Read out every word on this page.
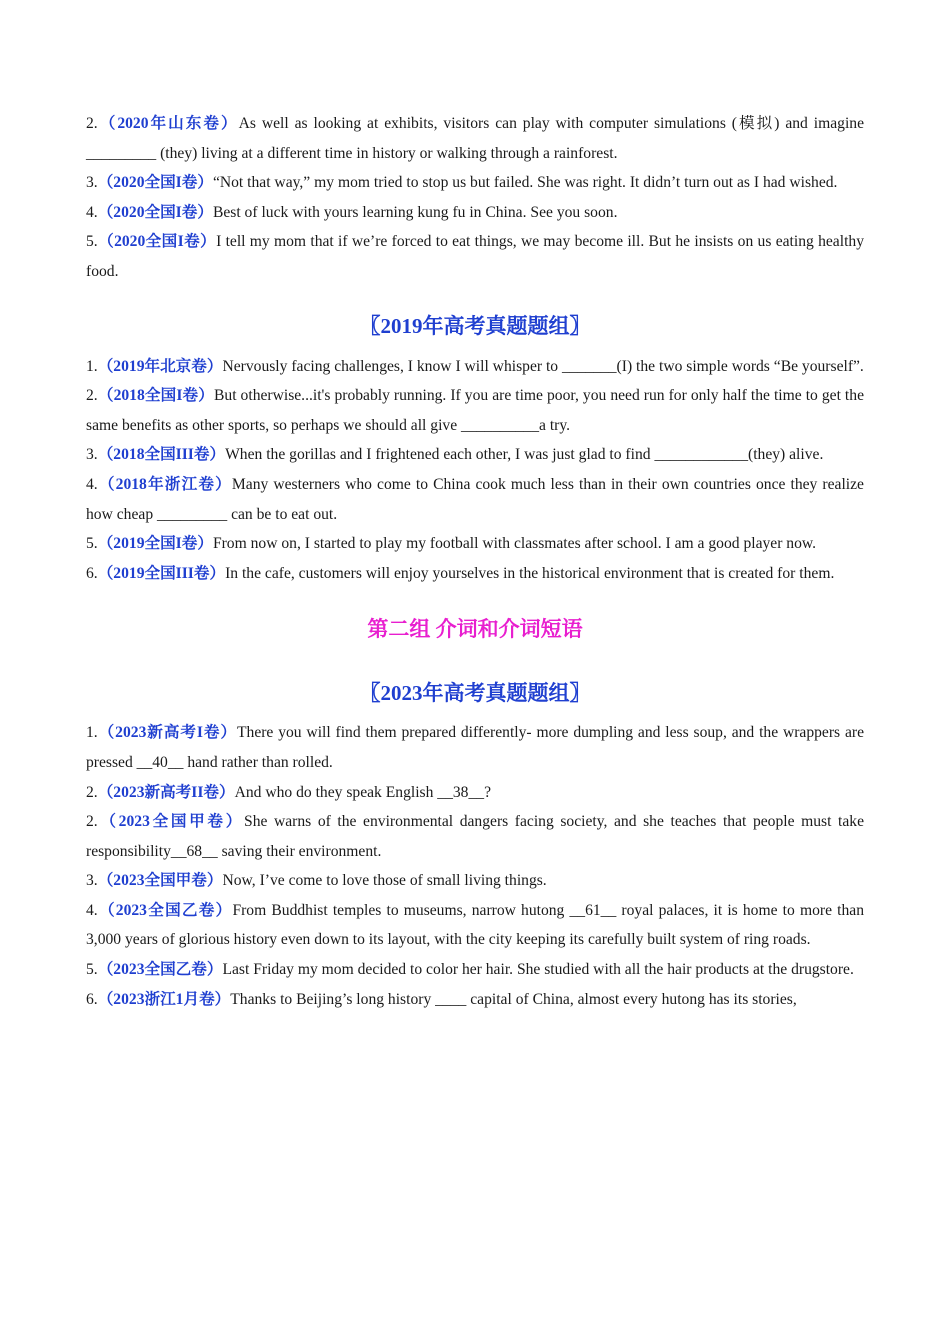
2.（2020年山东卷）As well as looking at exhibits, visitors can play with computer simulations (模拟) and imagine _________ (they) living at a different time in history or walking through a rainforest.

3.（2020全国I卷）“Not that way,” my mom tried to stop us but failed. She was right. It didn’t turn out as I had wished.

4.（2020全国I卷）Best of luck with yours learning kung fu in China. See you soon.

5.（2020全国I卷）I tell my mom that if we’re forced to eat things, we may become ill. But he insists on us eating healthy food.

〖2019年高考真题题组〗

1.（2019年北京卷）Nervously facing challenges, I know I will whisper to _______(I) the two simple words “Be yourself”.

2.（2018全国I卷）But otherwise...it's probably running. If you are time poor, you need run for only half the time to get the same benefits as other sports, so perhaps we should all give __________a try.

3.（2018全国III卷）When the gorillas and I frightened each other, I was just glad to find ____________(they) alive.

4.（2018年浙江卷）Many westerners who come to China cook much less than in their own countries once they realize how cheap _________ can be to eat out.

5.（2019全国I卷）From now on, I started to play my football with classmates after school. I am a good player now.

6.（2019全国III卷）In the cafe, customers will enjoy yourselves in the historical environment that is created for them.

第二组 介词和介词短语
〖2023年高考真题题组〗

1.（2023新高考I卷）There you will find them prepared differently- more dumpling and less soup, and the wrappers are pressed __40__ hand rather than rolled.

2.（2023新高考II卷）And who do they speak English __38__?

2.（2023全国甲卷）She warns of the environmental dangers facing society, and she teaches that people must take responsibility__68__ saving their environment.

3.（2023全国甲卷）Now, I’ve come to love those of small living things.

4.（2023全国乙卷）From Buddhist temples to museums, narrow hutong __61__ royal palaces, it is home to more than 3,000 years of glorious history even down to its layout, with the city keeping its carefully built system of ring roads.

5.（2023全国乙卷）Last Friday my mom decided to color her hair. She studied with all the hair products at the drugstore.

6.（2023浙江1月卷）Thanks to Beijing’s long history ____ capital of China, almost every hutong has its stories,
